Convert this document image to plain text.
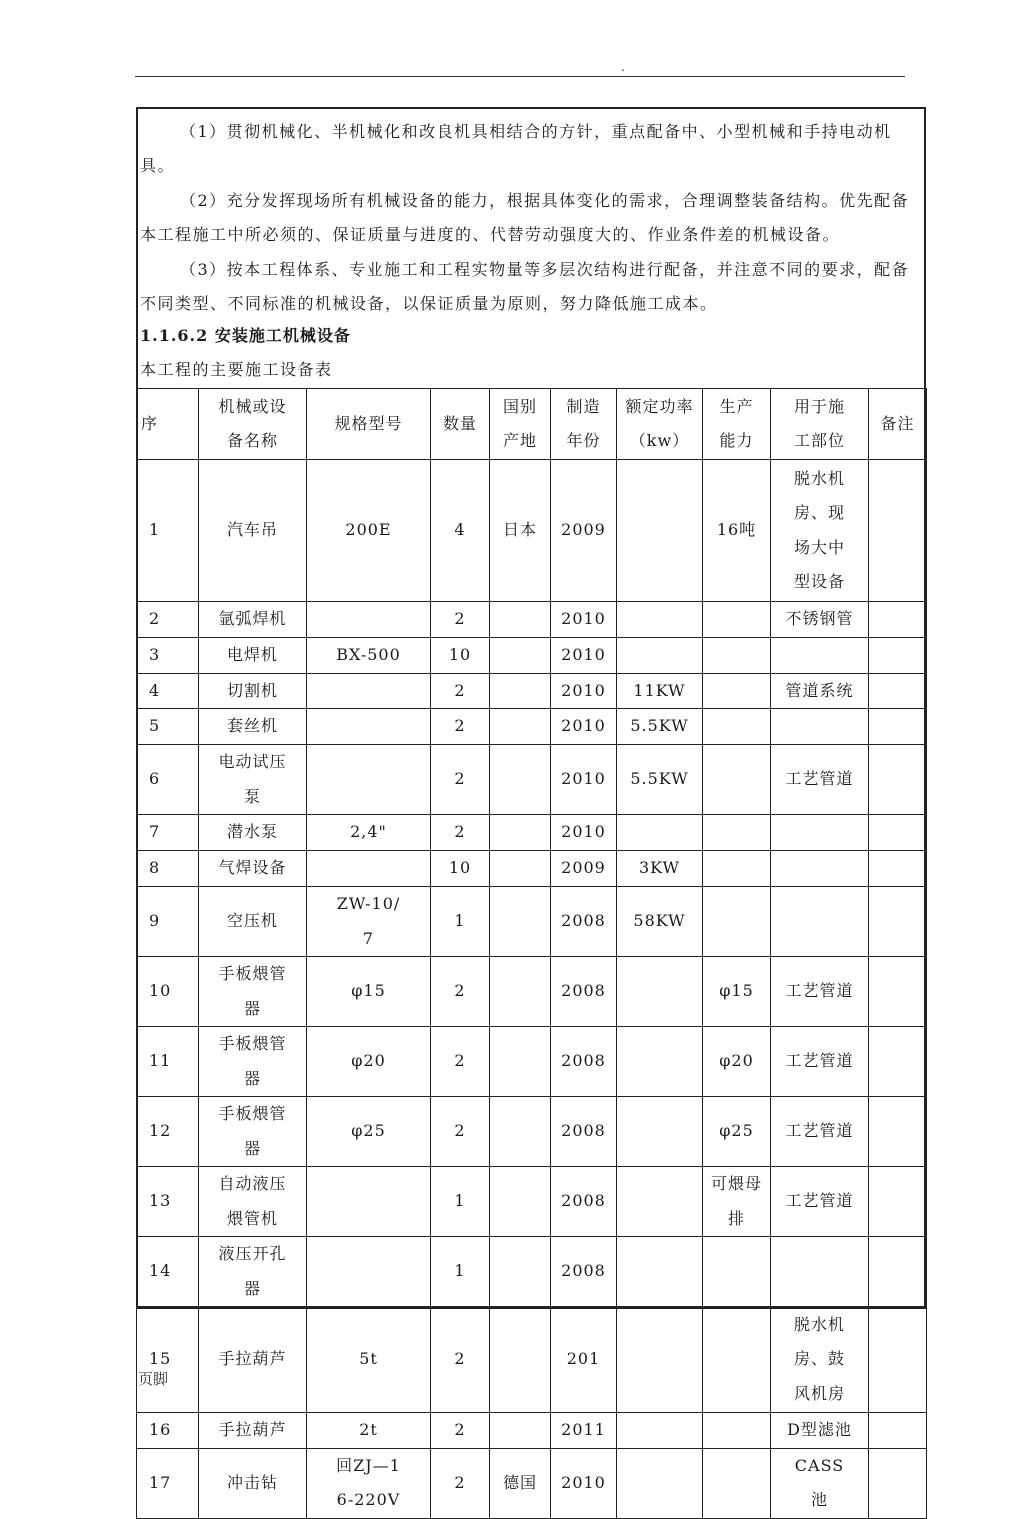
.

（1）贯彻机械化、半机械化和改良机具相结合的方针，重点配备中、小型机械和手持电动机具。

（2）充分发挥现场所有机械设备的能力，根据具体变化的需求，合理调整装备结构。优先配备本工程施工中所必须的、保证质量与进度的、代替劳动强度大的、作业条件差的机械设备。

（3）按本工程体系、专业施工和工程实物量等多层次结构进行配备，并注意不同的要求，配备不同类型、不同标准的机械设备，以保证质量为原则，努力降低施工成本。

1.1.6.2 安装施工机械设备
本工程的主要施工设备表
序	机械或设备名称	规格型号	数量	国别产地	制造年份	额定功率（kw）	生产能力	用于施工部位	备注

1	汽车吊	200E	4	日本	2009		16吨	脱水机房、现场大中型设备	

2	氩弧焊机		2		2010			不锈钢管	

3	电焊机	BX-500	10		2010				

4	切割机		2		2010	11KW		管道系统	

5	套丝机		2		2010	5.5KW			

6	电动试压泵		2		2010	5.5KW		工艺管道	

7	潜水泵	2,4"	2		2010				

8	气焊设备		10		2009	3KW			

9	空压机	ZW-10/7	1		2008	58KW			

10	手板煨管器	φ15	2		2008		φ15	工艺管道	

11	手板煨管器	φ20	2		2008		φ20	工艺管道	

12	手板煨管器	φ25	2		2008		φ25	工艺管道	

13	自动液压煨管机		1		2008		可煨母排	工艺管道	

14	液压开孔器		1		2008				

15	手拉葫芦	5t	2		201			脱水机房、鼓风机房	

16	手拉葫芦	2t	2		2011			D型滤池	

17	冲击钻	回ZJ—16-220V	2	德国	2010			CASS池	

页脚
